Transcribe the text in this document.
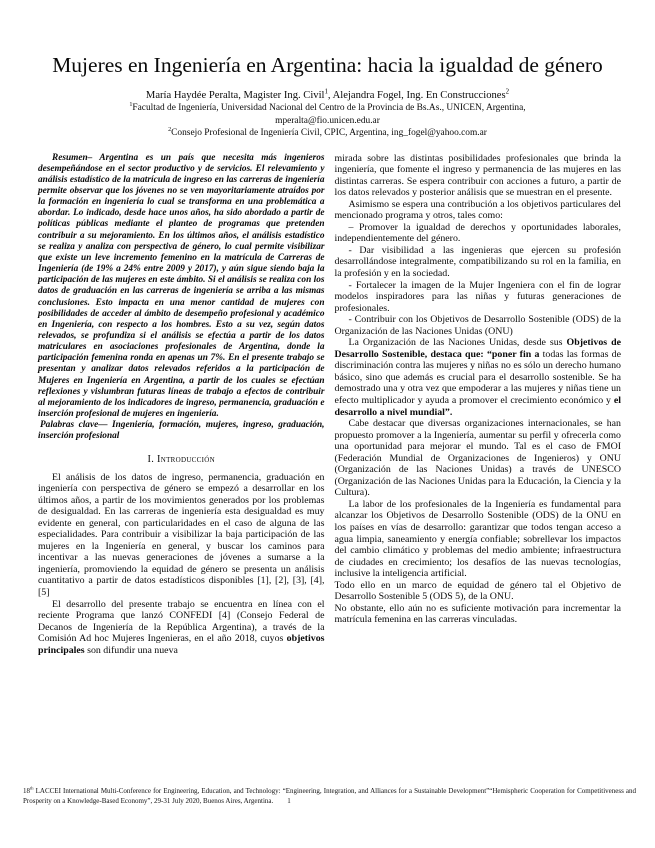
Mujeres en Ingeniería en Argentina: hacia la igualdad de género
María Haydée Peralta, Magister Ing. Civil$^1$, Alejandra Fogel, Ing. En Construcciones$^2$
$^1$Facultad de Ingeniería, Universidad Nacional del Centro de la Provincia de Bs.As., UNICEN, Argentina,
mperalta@fio.unicen.edu.ar
$^2$Consejo Profesional de Ingeniería Civil, CPIC, Argentina, ing_fogel@yahoo.com.ar

Resumen– Argentina es un país que necesita más ingenieros desempeñándose en el sector productivo y de servicios. El relevamiento y análisis estadístico de la matrícula de ingreso en las carreras de ingeniería permite observar que los jóvenes no se ven mayoritariamente atraídos por la formación en ingeniería lo cual se transforma en una problemática a abordar. Lo indicado, desde hace unos años, ha sido abordado a partir de políticas públicas mediante el planteo de programas que pretenden contribuir a su mejoramiento. En los últimos años, el análisis estadístico se realiza y analiza con perspectiva de género, lo cual permite visibilizar que existe un leve incremento femenino en la matrícula de Carreras de Ingeniería (de 19% a 24% entre 2009 y 2017), y aún sigue siendo baja la participación de las mujeres en este ámbito. Si el análisis se realiza con los datos de graduación en las carreras de ingeniería se arriba a las mismas conclusiones. Esto impacta en una menor cantidad de mujeres con posibilidades de acceder al ámbito de desempeño profesional y académico en Ingeniería, con respecto a los hombres. Esto a su vez, según datos relevados, se profundiza si el análisis se efectúa a partir de los datos matriculares en asociaciones profesionales de Argentina, donde la participación femenina ronda en apenas un 7%. En el presente trabajo se presentan y analizar datos relevados referidos a la participación de Mujeres en Ingeniería en Argentina, a partir de los cuales se efectúan reflexiones y vislumbran futuras líneas de trabajo a efectos de contribuir al mejoramiento de los indicadores de ingreso, permanencia, graduación e inserción profesional de mujeres en ingeniería.

Palabras clave— Ingeniería, formación, mujeres, ingreso, graduación, inserción profesional

I. Introducción

El análisis de los datos de ingreso, permanencia, graduación en ingeniería con perspectiva de género se empezó a desarrollar en los últimos años, a partir de los movimientos generados por los problemas de desigualdad. En las carreras de ingeniería esta desigualdad es muy evidente en general, con particularidades en el caso de alguna de las especialidades. Para contribuir a visibilizar la baja participación de las mujeres en la Ingeniería en general, y buscar los caminos para incentivar a las nuevas generaciones de jóvenes a sumarse a la ingeniería, promoviendo la equidad de género se presenta un análisis cuantitativo a partir de datos estadísticos disponibles [1], [2], [3], [4], [5]

El desarrollo del presente trabajo se encuentra en línea con el reciente Programa que lanzó CONFEDI [4] (Consejo Federal de Decanos de Ingeniería de la República Argentina), a través de la Comisión Ad hoc Mujeres Ingenieras, en el año 2018, cuyos objetivos principales son difundir una nueva

mirada sobre las distintas posibilidades profesionales que brinda la ingeniería, que fomente el ingreso y permanencia de las mujeres en las distintas carreras. Se espera contribuir con acciones a futuro, a partir de los datos relevados y posterior análisis que se muestran en el presente.

Asimismo se espera una contribución a los objetivos particulares del mencionado programa y otros, tales como:

– Promover la igualdad de derechos y oportunidades laborales, independientemente del género.

- Dar visibilidad a las ingenieras que ejercen su profesión desarrollándose integralmente, compatibilizando su rol en la familia, en la profesión y en la sociedad.

- Fortalecer la imagen de la Mujer Ingeniera con el fin de lograr modelos inspiradores para las niñas y futuras generaciones de profesionales.

- Contribuir con los Objetivos de Desarrollo Sostenible (ODS) de la Organización de las Naciones Unidas (ONU)

La Organización de las Naciones Unidas, desde sus Objetivos de Desarrollo Sostenible, destaca que: “poner fin a todas las formas de discriminación contra las mujeres y niñas no es sólo un derecho humano básico, sino que además es crucial para el desarrollo sostenible. Se ha demostrado una y otra vez que empoderar a las mujeres y niñas tiene un efecto multiplicador y ayuda a promover el crecimiento económico y el desarrollo a nivel mundial”.

Cabe destacar que diversas organizaciones internacionales, se han propuesto promover a la Ingeniería, aumentar su perfil y ofrecerla como una oportunidad para mejorar el mundo. Tal es el caso de FMOI (Federación Mundial de Organizaciones de Ingenieros) y ONU (Organización de las Naciones Unidas) a través de UNESCO (Organización de las Naciones Unidas para la Educación, la Ciencia y la Cultura).

La labor de los profesionales de la Ingeniería es fundamental para alcanzar los Objetivos de Desarrollo Sostenible (ODS) de la ONU en los países en vías de desarrollo: garantizar que todos tengan acceso a agua limpia, saneamiento y energía confiable; sobrellevar los impactos del cambio climático y problemas del medio ambiente; infraestructura de ciudades en crecimiento; los desafíos de las nuevas tecnologías, inclusive la inteligencia artificial.

Todo ello en un marco de equidad de género tal el Objetivo de Desarrollo Sostenible 5 (ODS 5), de la ONU.

No obstante, ello aún no es suficiente motivación para incrementar la matrícula femenina en las carreras vinculadas.

18th LACCEI International Multi-Conference for Engineering, Education, and Technology: “Engineering, Integration, and Alliances for a Sustainable Development”“Hemispheric Cooperation for Competitiveness and Prosperity on a Knowledge-Based Economy”, 29-31 July 2020, Buenos Aires, Argentina. 1
